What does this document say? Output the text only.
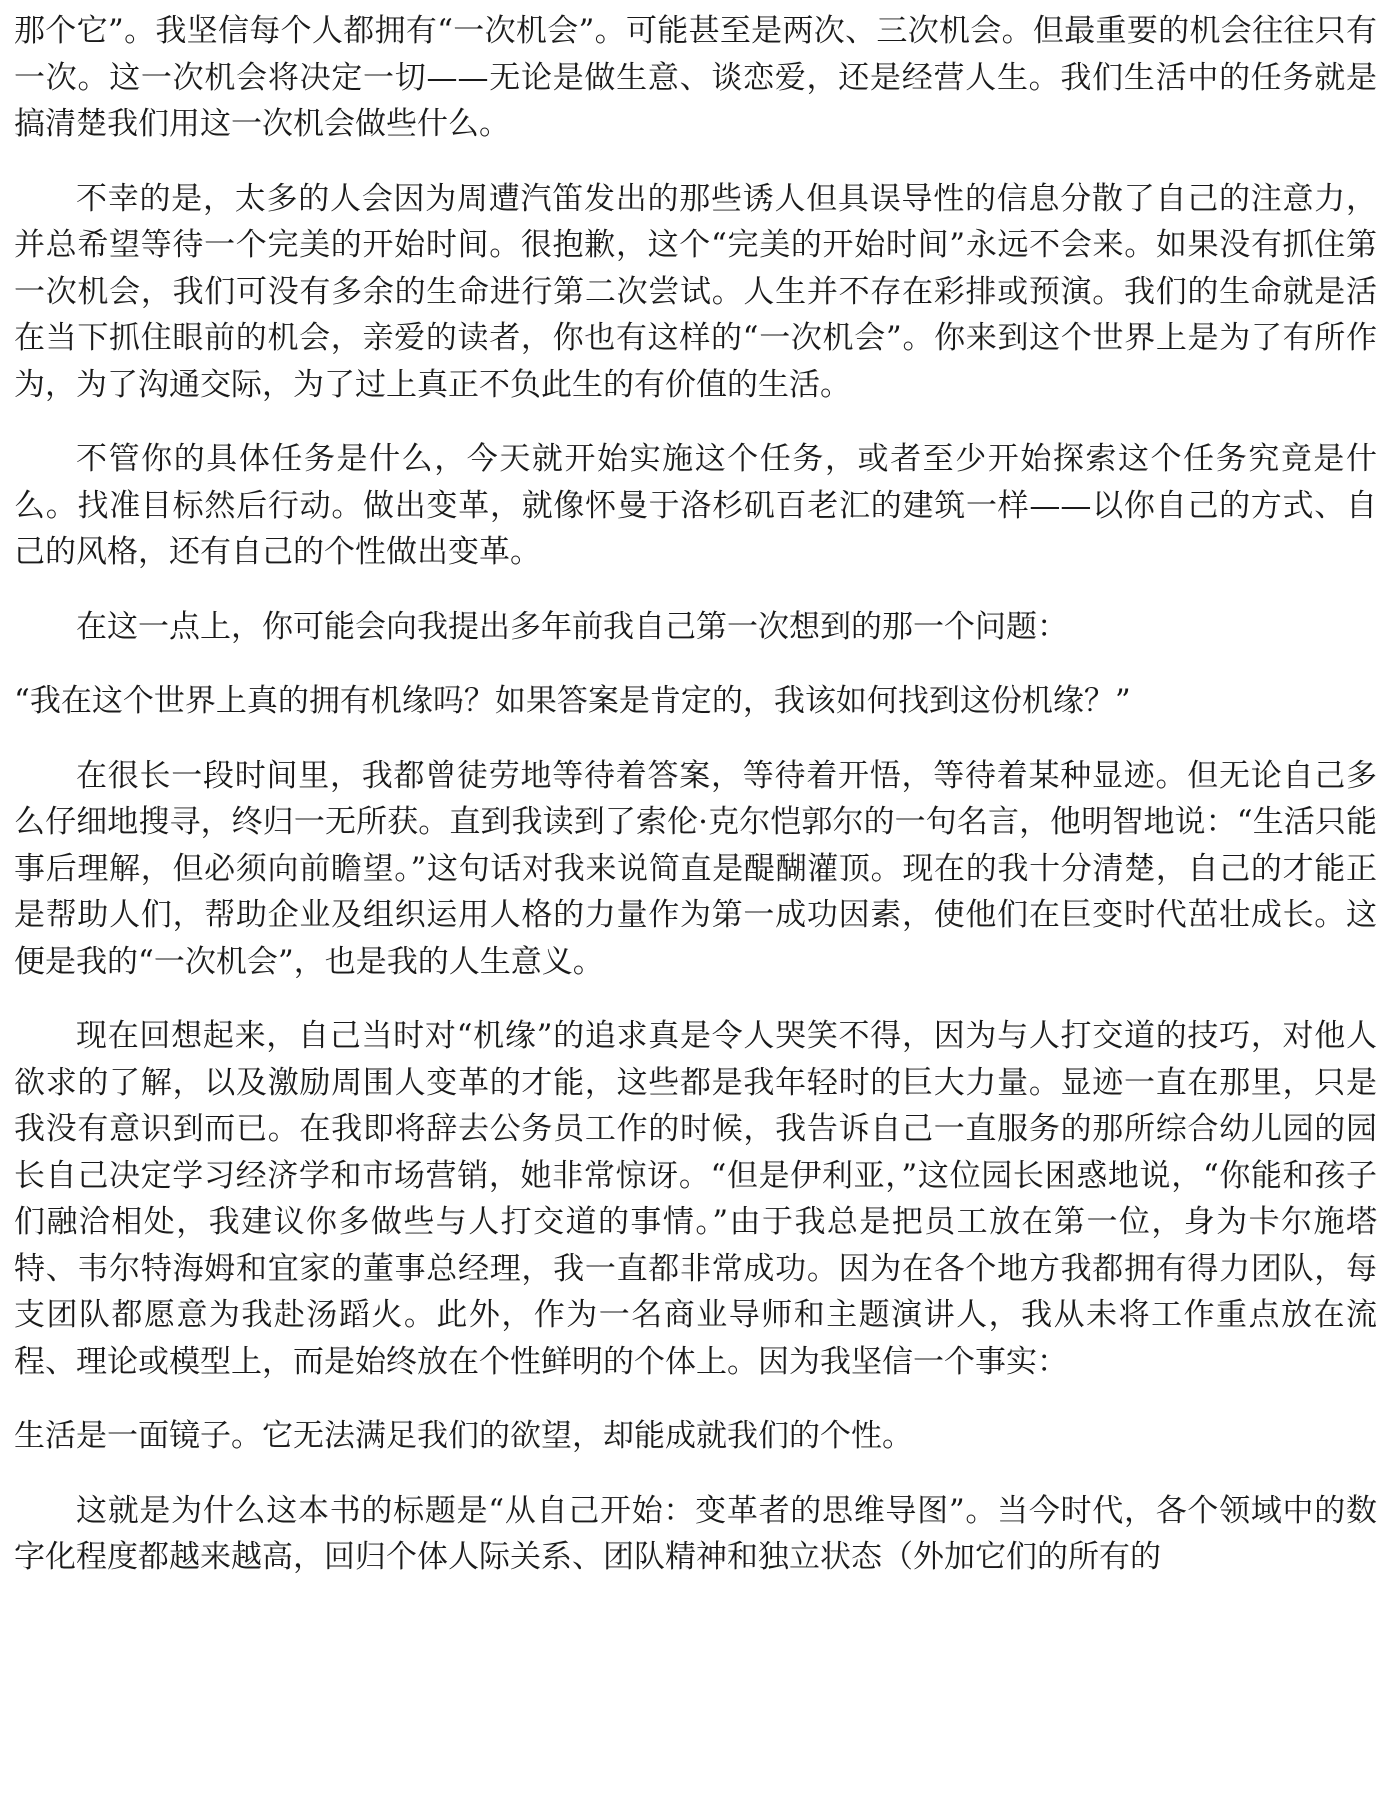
那个它”。我坚信每个人都拥有“一次机会”。可能甚至是两次、三次机会。但最重要的机会往往只有一次。这一次机会将决定一切——无论是做生意、谈恋爱，还是经营人生。我们生活中的任务就是搞清楚我们用这一次机会做些什么。

不幸的是，太多的人会因为周遭汽笛发出的那些诱人但具误导性的信息分散了自己的注意力，并总希望等待一个完美的开始时间。很抱歉，这个“完美的开始时间”永远不会来。如果没有抓住第一次机会，我们可没有多余的生命进行第二次尝试。人生并不存在彩排或预演。我们的生命就是活在当下抓住眼前的机会，亲爱的读者，你也有这样的“一次机会”。你来到这个世界上是为了有所作为，为了沟通交际，为了过上真正不负此生的有价值的生活。

不管你的具体任务是什么，今天就开始实施这个任务，或者至少开始探索这个任务究竟是什么。找准目标然后行动。做出变革，就像怀曼于洛杉矶百老汇的建筑一样——以你自己的方式、自己的风格，还有自己的个性做出变革。

在这一点上，你可能会向我提出多年前我自己第一次想到的那一个问题：

“我在这个世界上真的拥有机缘吗？如果答案是肯定的，我该如何找到这份机缘？”

在很长一段时间里，我都曾徒劳地等待着答案，等待着开悟，等待着某种显迹。但无论自己多么仔细地搜寻，终归一无所获。直到我读到了索伦·克尔恺郭尔的一句名言，他明智地说：“生活只能事后理解，但必须向前瞻望。”这句话对我来说简直是醍醐灌顶。现在的我十分清楚，自己的才能正是帮助人们，帮助企业及组织运用人格的力量作为第一成功因素，使他们在巨变时代茁壮成长。这便是我的“一次机会”，也是我的人生意义。

现在回想起来，自己当时对“机缘”的追求真是令人哭笑不得，因为与人打交道的技巧，对他人欲求的了解，以及激励周围人变革的才能，这些都是我年轻时的巨大力量。显迹一直在那里，只是我没有意识到而已。在我即将辞去公务员工作的时候，我告诉自己一直服务的那所综合幼儿园的园长自己决定学习经济学和市场营销，她非常惊讶。“但是伊利亚，”这位园长困惑地说，“你能和孩子们融洽相处，我建议你多做些与人打交道的事情。”由于我总是把员工放在第一位，身为卡尔施塔特、韦尔特海姆和宜家的董事总经理，我一直都非常成功。因为在各个地方我都拥有得力团队，每支团队都愿意为我赴汤蹈火。此外，作为一名商业导师和主题演讲人，我从未将工作重点放在流程、理论或模型上，而是始终放在个性鲜明的个体上。因为我坚信一个事实：

生活是一面镜子。它无法满足我们的欲望，却能成就我们的个性。

这就是为什么这本书的标题是“从自己开始：变革者的思维导图”。当今时代，各个领域中的数字化程度都越来越高，回归个体人际关系、团队精神和独立状态（外加它们的所有的
